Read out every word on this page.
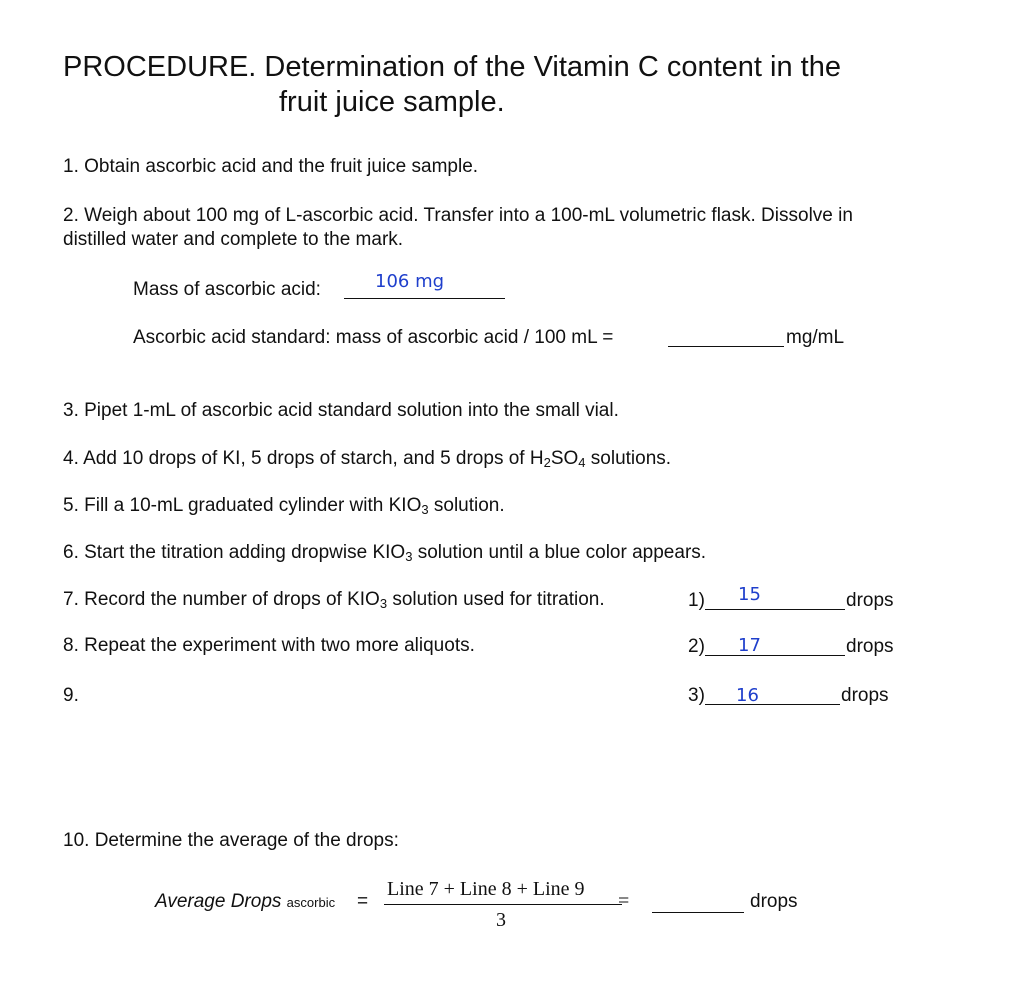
PROCEDURE. Determination of the Vitamin C content in the
fruit juice sample.
1. Obtain ascorbic acid and the fruit juice sample.
2. Weigh about 100 mg of L-ascorbic acid. Transfer into a 100-mL volumetric flask. Dissolve in
distilled water and complete to the mark.
Mass of ascorbic acid:	106 mg
Ascorbic acid standard: mass of ascorbic acid / 100 mL =	mg/mL
3. Pipet 1-mL of ascorbic acid standard solution into the small vial.
4. Add 10 drops of KI, 5 drops of starch, and 5 drops of $H_2SO_4$ solutions.
5. Fill a 10-mL graduated cylinder with $KIO_3$ solution.
6. Start the titration adding dropwise $KIO_3$ solution until a blue color appears.
7. Record the number of drops of $KIO_3$ solution used for titration.	1) 15	drops
8. Repeat the experiment with two more aliquots.	2) 17	drops
9.	3) 16	drops
10. Determine the average of the drops:
Average Drops ascorbic =
Line 7 + Line 8 + Line 9
3
=	drops
